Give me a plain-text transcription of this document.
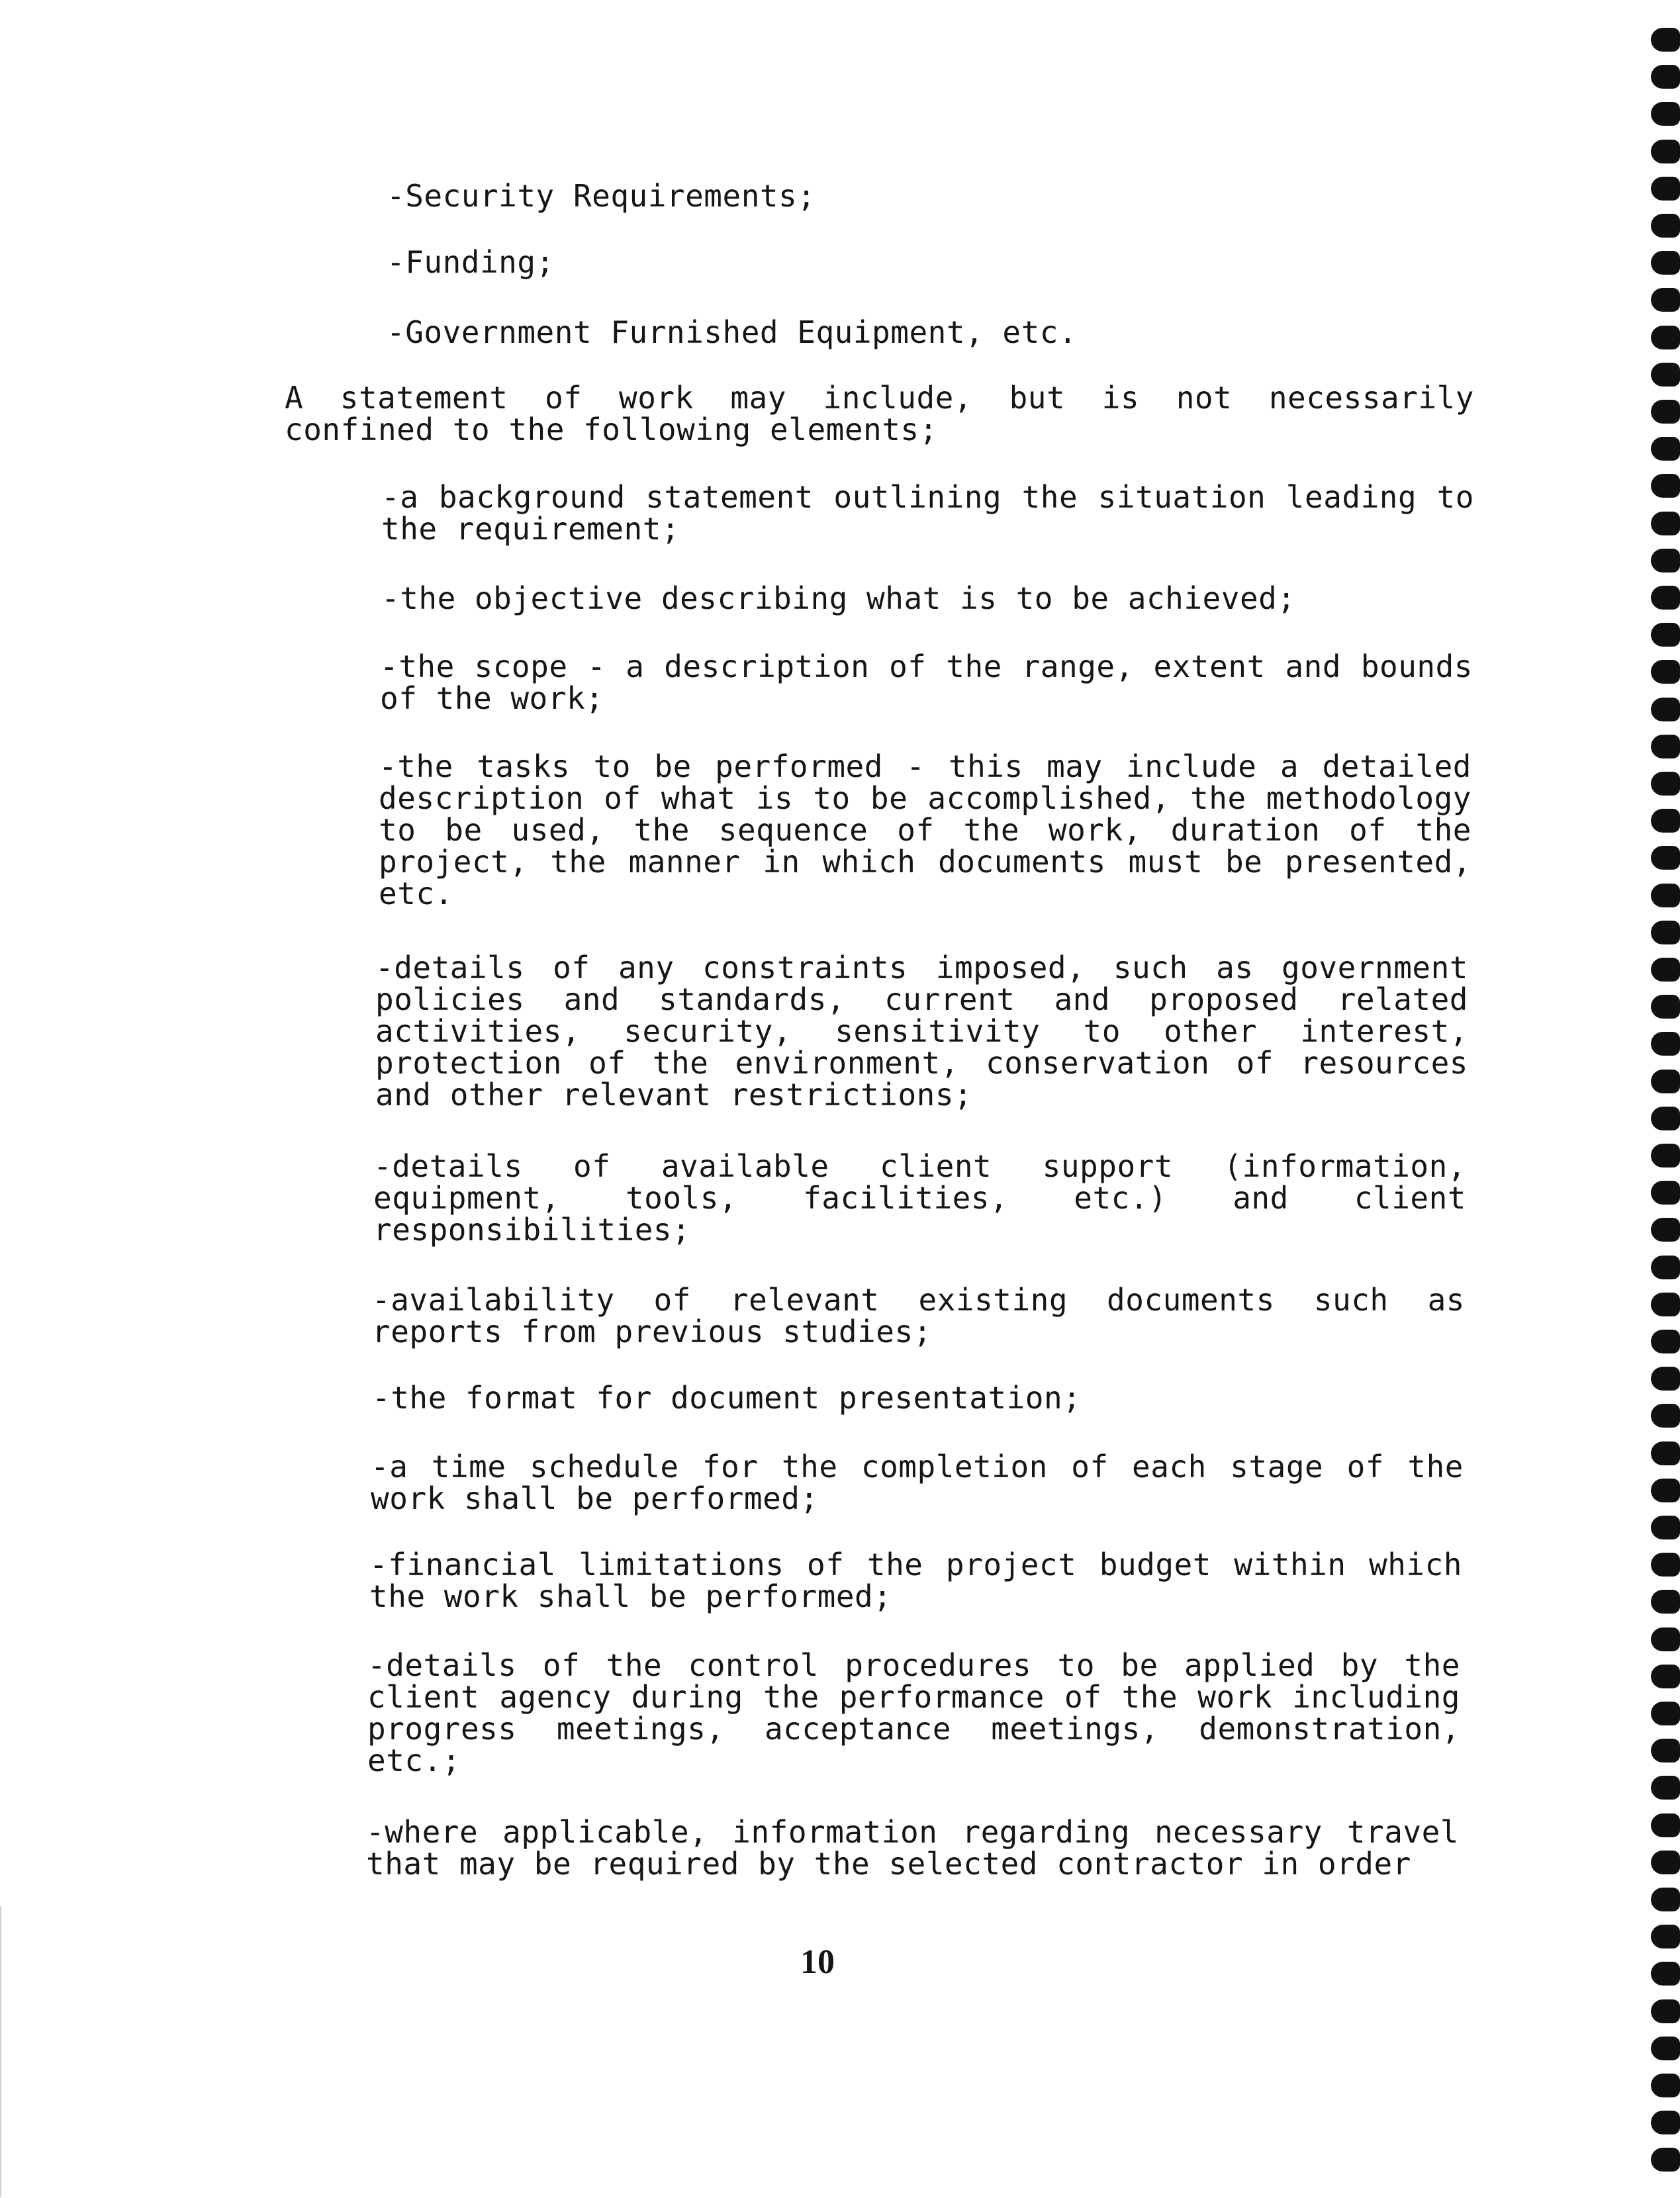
-Security Requirements;

-Funding;

-Government Furnished Equipment, etc.

A statement of work may include, but is not necessarily confined to the following elements;

-a background statement outlining the situation leading to the requirement;

-the objective describing what is to be achieved;

-the scope - a description of the range, extent and bounds of the work;

-the tasks to be performed - this may include a detailed description of what is to be accomplished, the methodology to be used, the sequence of the work, duration of the project, the manner in which documents must be presented, etc.

-details of any constraints imposed, such as government policies and standards, current and proposed related activities, security, sensitivity to other interest, protection of the environment, conservation of resources and other relevant restrictions;

-details of available client support (information, equipment, tools, facilities, etc.) and client responsibilities;

-availability of relevant existing documents such as reports from previous studies;

-the format for document presentation;

-a time schedule for the completion of each stage of the work shall be performed;

-financial limitations of the project budget within which the work shall be performed;

-details of the control procedures to be applied by the client agency during the performance of the work including progress meetings, acceptance meetings, demonstration, etc.;

-where applicable, information regarding necessary travel that may be required by the selected contractor in order

10
